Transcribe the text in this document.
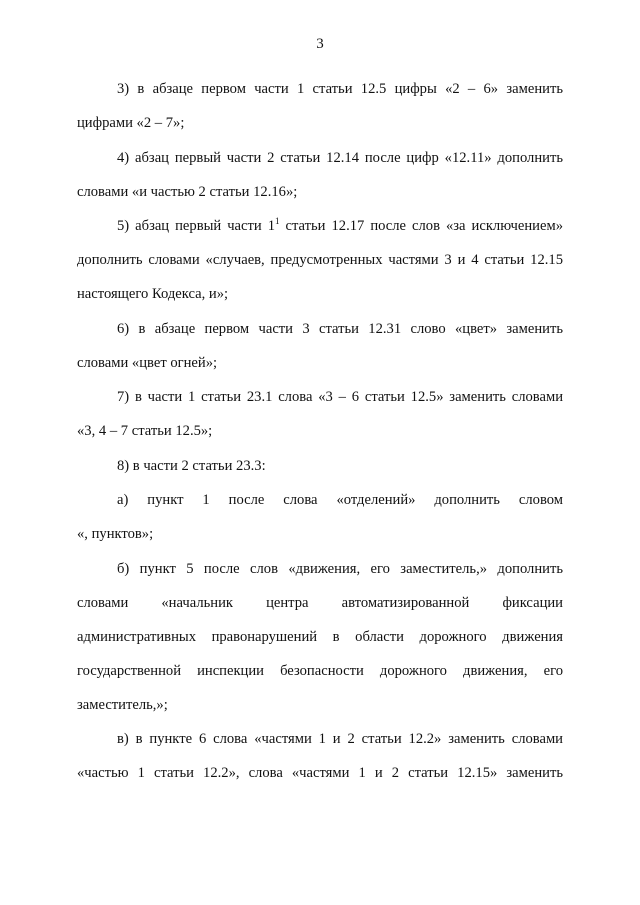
3

3) в абзаце первом части 1 статьи 12.5 цифры «2 – 6» заменить
цифрами «2 – 7»;

4) абзац первый части 2 статьи 12.14 после цифр «12.11» дополнить
словами «и частью 2 статьи 12.16»;

5) абзац первый части $1^1$ статьи 12.17 после слов «за исключением»
дополнить словами «случаев, предусмотренных частями 3 и 4 статьи 12.15
настоящего Кодекса, и»;

6) в абзаце первом части 3 статьи 12.31 слово «цвет» заменить
словами «цвет огней»;

7) в части 1 статьи 23.1 слова «3 – 6 статьи 12.5» заменить словами
«3, 4 – 7 статьи 12.5»;

8) в части 2 статьи 23.3:

а) пункт 1 после слова «отделений» дополнить словом
«, пунктов»;

б) пункт 5 после слов «движения, его заместитель,» дополнить
словами «начальник центра автоматизированной фиксации
административных правонарушений в области дорожного движения
государственной инспекции безопасности дорожного движения, его
заместитель,»;

в) в пункте 6 слова «частями 1 и 2 статьи 12.2» заменить словами
«частью 1 статьи 12.2», слова «частями 1 и 2 статьи 12.15» заменить
